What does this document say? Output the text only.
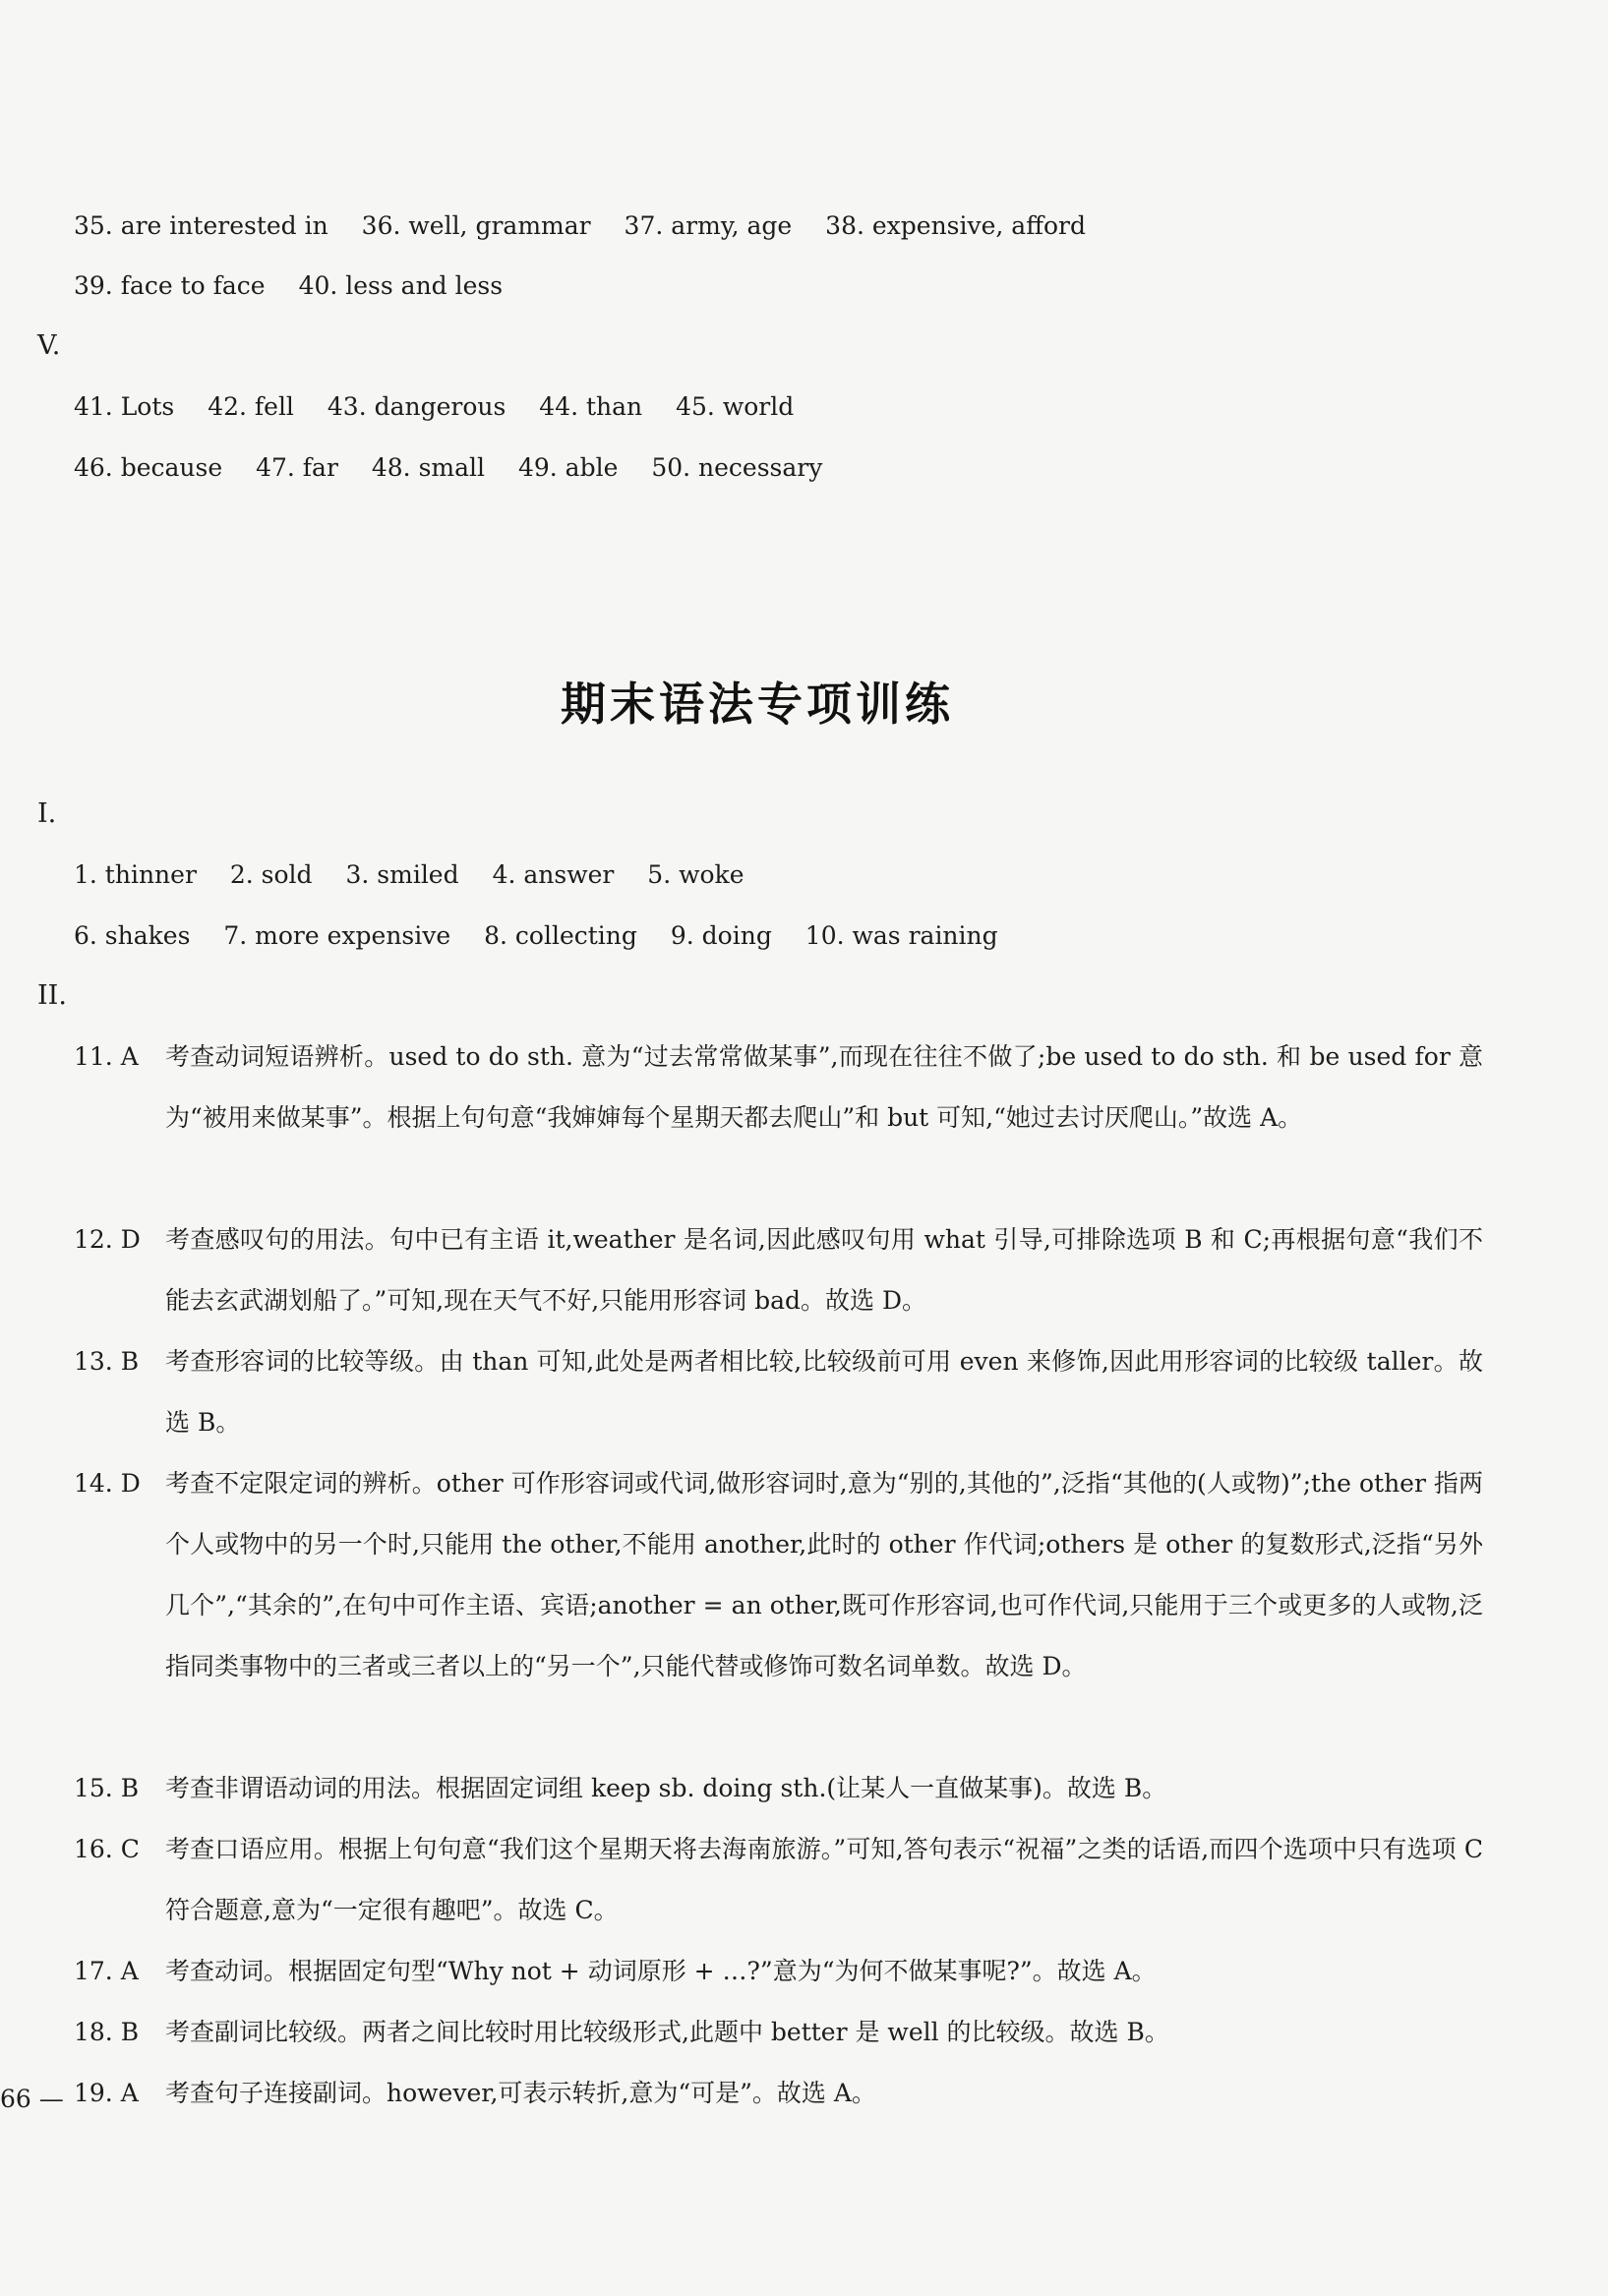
35. are interested in 36. well, grammar 37. army, age 38. expensive, afford
39. face to face 40. less and less
V.
41. Lots 42. fell 43. dangerous 44. than 45. world
46. because 47. far 48. small 49. able 50. necessary
期末语法专项训练
I.
1. thinner 2. sold 3. smiled 4. answer 5. woke
6. shakes 7. more expensive 8. collecting 9. doing 10. was raining
II.
11. A 考查动词短语辨析。used to do sth. 意为“过去常常做某事”,而现在往往不做了;be used to do sth. 和 be used for 意为“被用来做某事”。根据上句句意“我婶婶每个星期天都去爬山”和 but 可知,“她过去讨厌爬山。”故选 A。
12. D 考查感叹句的用法。句中已有主语 it,weather 是名词,因此感叹句用 what 引导,可排除选项 B 和 C;再根据句意“我们不能去玄武湖划船了。”可知,现在天气不好,只能用形容词 bad。故选 D。
13. B 考查形容词的比较等级。由 than 可知,此处是两者相比较,比较级前可用 even 来修饰,因此用形容词的比较级 taller。故选 B。
14. D 考查不定限定词的辨析。other 可作形容词或代词,做形容词时,意为“别的,其他的”,泛指“其他的(人或物)”;the other 指两个人或物中的另一个时,只能用 the other,不能用 another,此时的 other 作代词;others 是 other 的复数形式,泛指“另外几个”,“其余的”,在句中可作主语、宾语;another = an other,既可作形容词,也可作代词,只能用于三个或更多的人或物,泛指同类事物中的三者或三者以上的“另一个”,只能代替或修饰可数名词单数。故选 D。
15. B 考查非谓语动词的用法。根据固定词组 keep sb. doing sth.(让某人一直做某事)。故选 B。
16. C 考查口语应用。根据上句句意“我们这个星期天将去海南旅游。”可知,答句表示“祝福”之类的话语,而四个选项中只有选项 C 符合题意,意为“一定很有趣吧”。故选 C。
17. A 考查动词。根据固定句型“Why not + 动词原形 + …?”意为“为何不做某事呢?”。故选 A。
18. B 考查副词比较级。两者之间比较时用比较级形式,此题中 better 是 well 的比较级。故选 B。
19. A 考查句子连接副词。however,可表示转折,意为“可是”。故选 A。
66 —
